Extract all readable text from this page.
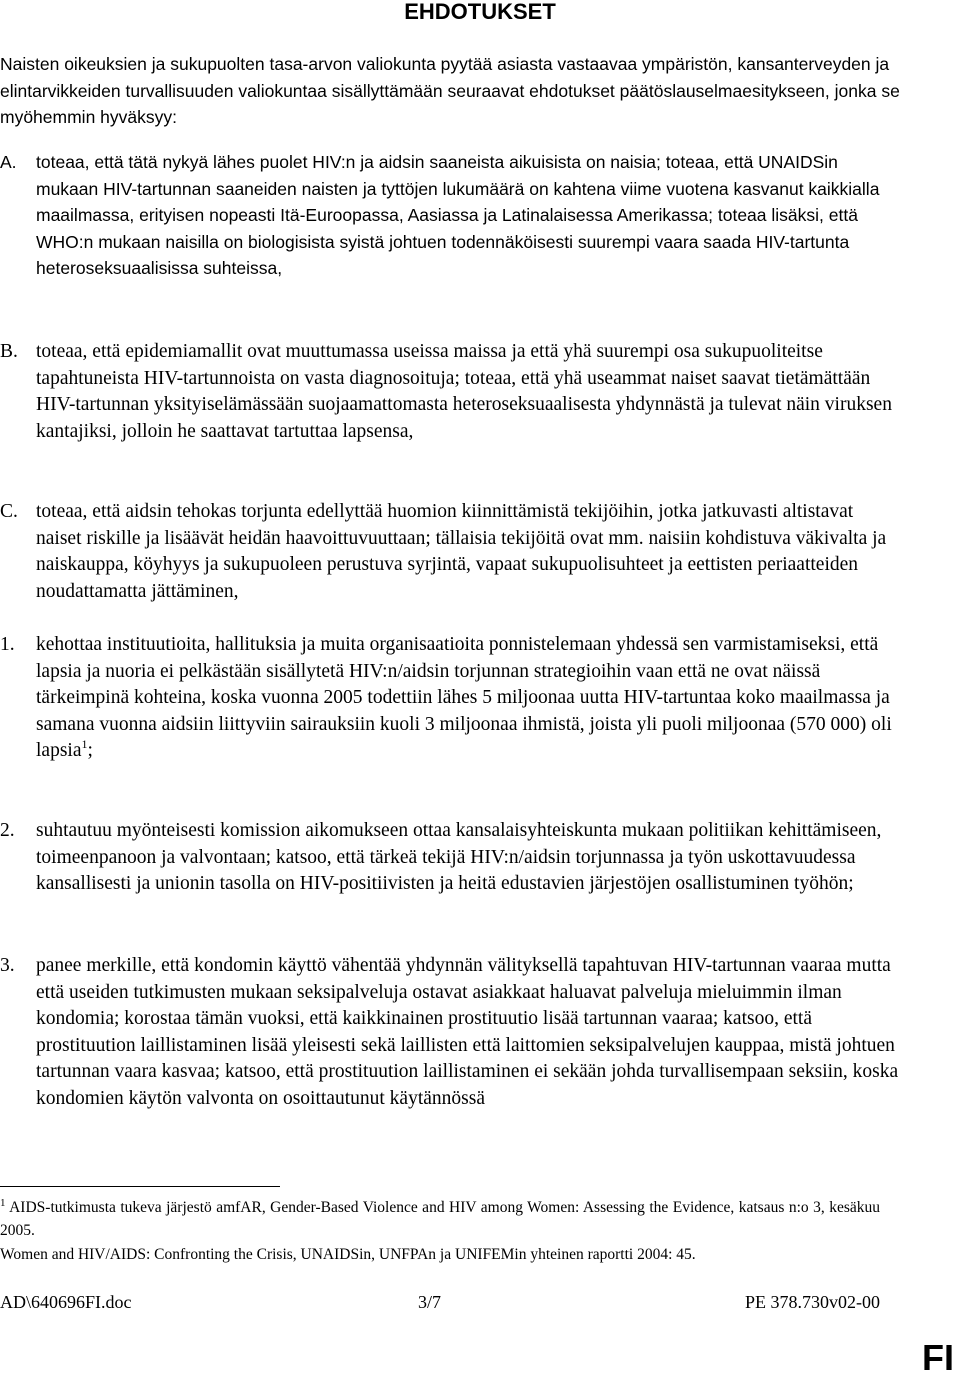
EHDOTUKSET
Naisten oikeuksien ja sukupuolten tasa-arvon valiokunta pyytää asiasta vastaavaa ympäristön, kansanterveyden ja elintarvikkeiden turvallisuuden valiokuntaa sisällyttämään seuraavat ehdotukset päätöslauselmaesitykseen, jonka se myöhemmin hyväksyy:
A. toteaa, että tätä nykyä lähes puolet HIV:n ja aidsin saaneista aikuisista on naisia; toteaa, että UNAIDSin mukaan HIV-tartunnan saaneiden naisten ja tyttöjen lukumäärä on kahtena viime vuotena kasvanut kaikkialla maailmassa, erityisen nopeasti Itä-Euroopassa, Aasiassa ja Latinalaisessa Amerikassa; toteaa lisäksi, että WHO:n mukaan naisilla on biologisista syistä johtuen todennäköisesti suurempi vaara saada HIV-tartunta heteroseksuaalisissa suhteissa,
B. toteaa, että epidemiamallit ovat muuttumassa useissa maissa ja että yhä suurempi osa sukupuoliteitse tapahtuneista HIV-tartunnoista on vasta diagnosoituja; toteaa, että yhä useammat naiset saavat tietämättään HIV-tartunnan yksityiselämässään suojaamattomasta heteroseksuaalisesta yhdynnästä ja tulevat näin viruksen kantajiksi, jolloin he saattavat tartuttaa lapsensa,
C. toteaa, että aidsin tehokas torjunta edellyttää huomion kiinnittämistä tekijöihin, jotka jatkuvasti altistavat naiset riskille ja lisäävät heidän haavoittuvuuttaan; tällaisia tekijöitä ovat mm. naisiin kohdistuva väkivalta ja naiskauppa, köyhyys ja sukupuoleen perustuva syrjintä, vapaat sukupuolisuhteet ja eettisten periaatteiden noudattamatta jättäminen,
1. kehottaa instituutioita, hallituksia ja muita organisaatioita ponnistelemaan yhdessä sen varmistamiseksi, että lapsia ja nuoria ei pelkästään sisällytetä HIV:n/aidsin torjunnan strategioihin vaan että ne ovat näissä tärkeimpinä kohteina, koska vuonna 2005 todettiin lähes 5 miljoonaa uutta HIV-tartuntaa koko maailmassa ja samana vuonna aidsiin liittyviin sairauksiin kuoli 3 miljoonaa ihmistä, joista yli puoli miljoonaa (570 000) oli lapsia$^1$;
2. suhtautuu myönteisesti komission aikomukseen ottaa kansalaisyhteiskunta mukaan politiikan kehittämiseen, toimeenpanoon ja valvontaan; katsoo, että tärkeä tekijä HIV:n/aidsin torjunnassa ja työn uskottavuudessa kansallisesti ja unionin tasolla on HIV-positiivisten ja heitä edustavien järjestöjen osallistuminen työhön;
3. panee merkille, että kondomin käyttö vähentää yhdynnän välityksellä tapahtuvan HIV-tartunnan vaaraa mutta että useiden tutkimusten mukaan seksipalveluja ostavat asiakkaat haluavat palveluja mieluimmin ilman kondomia; korostaa tämän vuoksi, että kaikkinainen prostituutio lisää tartunnan vaaraa; katsoo, että prostituution laillistaminen lisää yleisesti sekä laillisten että laittomien seksipalvelujen kauppaa, mistä johtuen tartunnan vaara kasvaa; katsoo, että prostituution laillistaminen ei sekään johda turvallisempaan seksiin, koska kondomien käytön valvonta on osoittautunut käytännössä
$^1$ AIDS-tutkimusta tukeva järjestö amfAR, Gender-Based Violence and HIV among Women: Assessing the Evidence, katsaus n:o 3, kesäkuu 2005.
Women and HIV/AIDS: Confronting the Crisis, UNAIDSin, UNFPAn ja UNIFEMin yhteinen raportti 2004: 45.
AD\640696FI.doc	3/7	PE 378.730v02-00
FI
